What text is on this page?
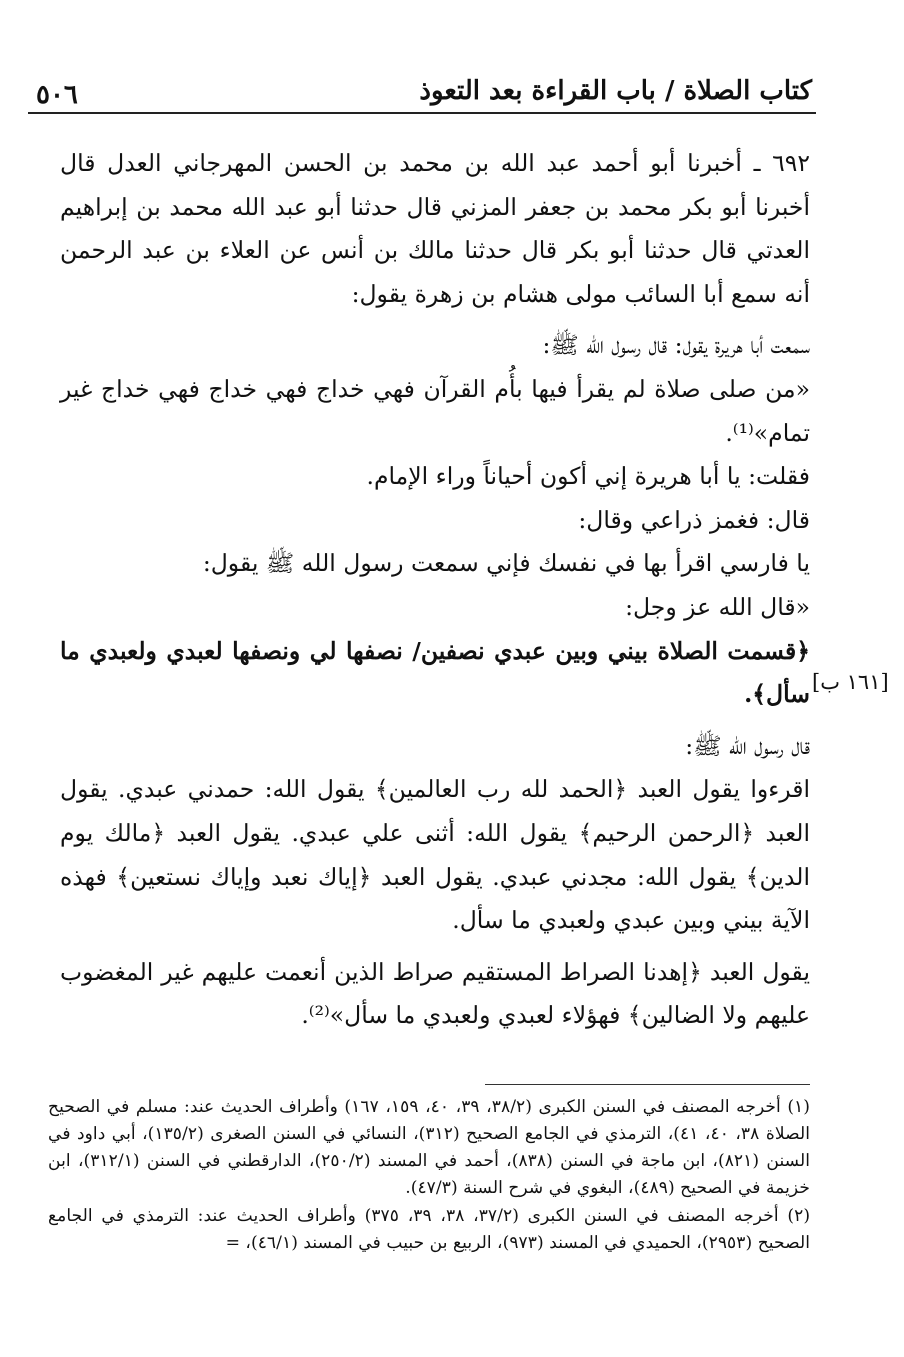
٥٠٦	كتاب الصلاة / باب القراءة بعد التعوذ
[١٦١ ب]

٦٩٢ ـ أخبرنا أبو أحمد عبد الله بن محمد بن الحسن المهرجاني العدل قال أخبرنا أبو بكر محمد بن جعفر المزني قال حدثنا أبو عبد الله محمد بن إبراهيم العدتي قال حدثنا أبو بكر قال حدثنا مالك بن أنس عن العلاء بن عبد الرحمن أنه سمع أبا السائب مولى هشام بن زهرة يقول:

سمعت أبا هريرة يقول: قال رسول الله ﷺ:

«من صلى صلاة لم يقرأ فيها بأُم القرآن فهي خداج فهي خداج فهي خداج غير تمام»⁽¹⁾.

فقلت: يا أبا هريرة إني أكون أحياناً وراء الإمام.

قال: فغمز ذراعي وقال:

يا فارسي اقرأ بها في نفسك فإني سمعت رسول الله ﷺ يقول:

«قال الله عز وجل:

﴿قسمت الصلاة بيني وبين عبدي نصفين/ نصفها لي ونصفها لعبدي ولعبدي ما سأل﴾.

قال رسول الله ﷺ:

اقرءوا يقول العبد ﴿الحمد لله رب العالمين﴾ يقول الله: حمدني عبدي. يقول العبد ﴿الرحمن الرحيم﴾ يقول الله: أثنى علي عبدي. يقول العبد ﴿مالك يوم الدين﴾ يقول الله: مجدني عبدي. يقول العبد ﴿إياك نعبد وإياك نستعين﴾ فهذه الآية بيني وبين عبدي ولعبدي ما سأل.

يقول العبد ﴿إهدنا الصراط المستقيم صراط الذين أنعمت عليهم غير المغضوب عليهم ولا الضالين﴾ فهؤلاء لعبدي ولعبدي ما سأل»⁽²⁾.

(١) أخرجه المصنف في السنن الكبرى (٣٨/٢، ٣٩، ٤٠، ١٥٩، ١٦٧) وأطراف الحديث عند: مسلم في الصحيح الصلاة ٣٨، ٤٠، ٤١)، الترمذي في الجامع الصحيح (٣١٢)، النسائي في السنن الصغرى (١٣٥/٢)، أبي داود في السنن (٨٢١)، ابن ماجة في السنن (٨٣٨)، أحمد في المسند (٢٥٠/٢)، الدارقطني في السنن (٣١٢/١)، ابن خزيمة في الصحيح (٤٨٩)، البغوي في شرح السنة (٤٧/٣).

(٢) أخرجه المصنف في السنن الكبرى (٣٧/٢، ٣٨، ٣٩، ٣٧٥) وأطراف الحديث عند: الترمذي في الجامع الصحيح (٢٩٥٣)، الحميدي في المسند (٩٧٣)، الربيع بن حبيب في المسند (٤٦/١)، =
